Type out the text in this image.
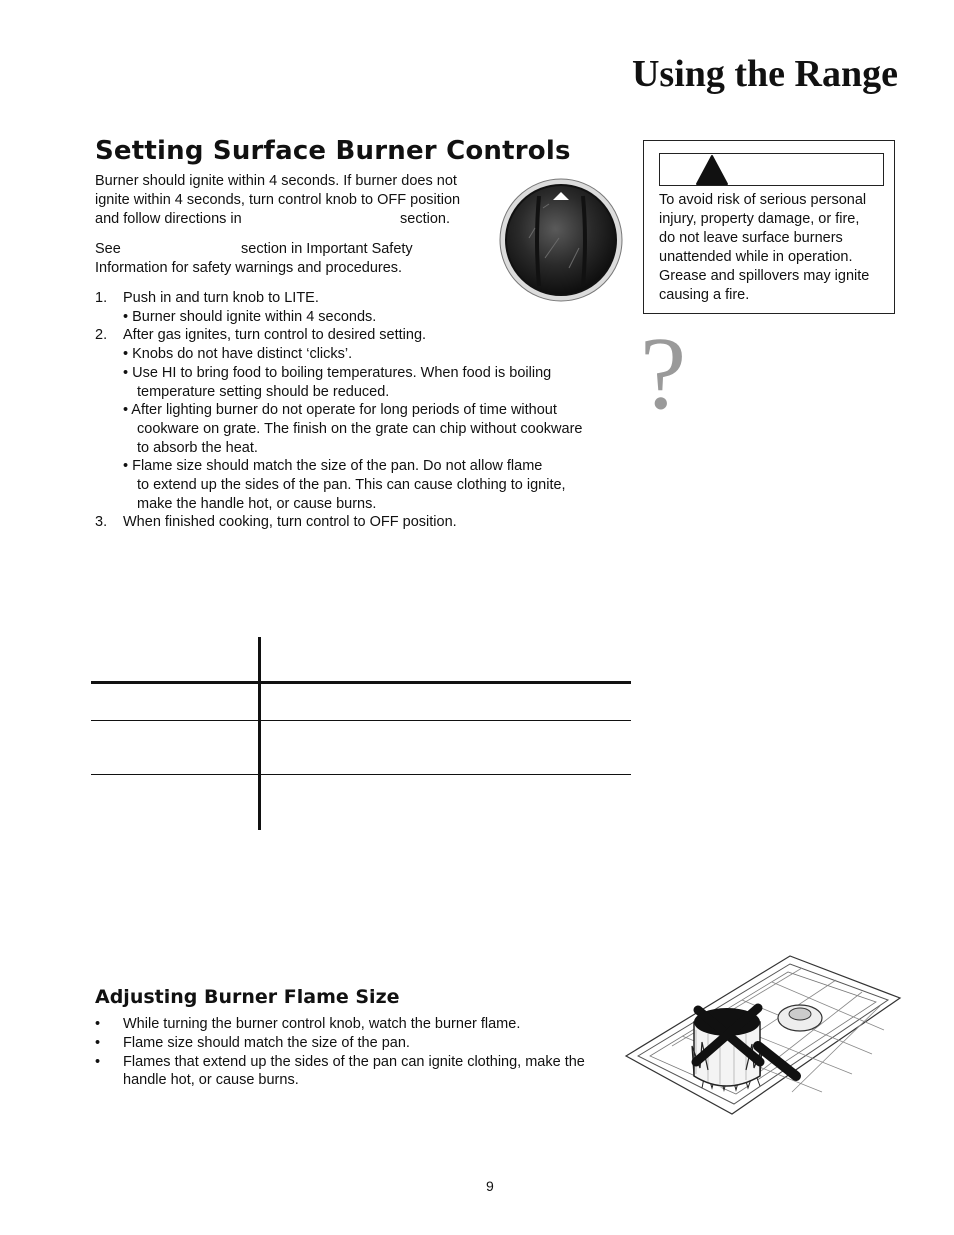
Using the Range
Setting Surface Burner Controls
Burner should ignite within 4 seconds. If burner does not
ignite within 4 seconds, turn control knob to OFF position
and follow directions in	section.
See	section in Important Safety
Information for safety warnings and procedures.
1. Push in and turn knob to LITE.
• Burner should ignite within 4 seconds.
2. After gas ignites, turn control to desired setting.
• Knobs do not have distinct ‘clicks’.
• Use HI to bring food to boiling temperatures. When food is boiling
temperature setting should be reduced.
• After lighting burner do not operate for long periods of time without
cookware on grate. The finish on the grate can chip without cookware
to absorb the heat.
• Flame size should match the size of the pan. Do not allow flame
to extend up the sides of the pan. This can cause clothing to ignite,
make the handle hot, or cause burns.
3. When finished cooking, turn control to OFF position.
To avoid risk of serious personal
injury, property damage, or fire,
do not leave surface burners
unattended while in operation.
Grease and spillovers may ignite
causing a fire.
?
Adjusting Burner Flame Size
• While turning the burner control knob, watch the burner flame.
• Flame size should match the size of the pan.
• Flames that extend up the sides of the pan can ignite clothing, make the
handle hot, or cause burns.
9
